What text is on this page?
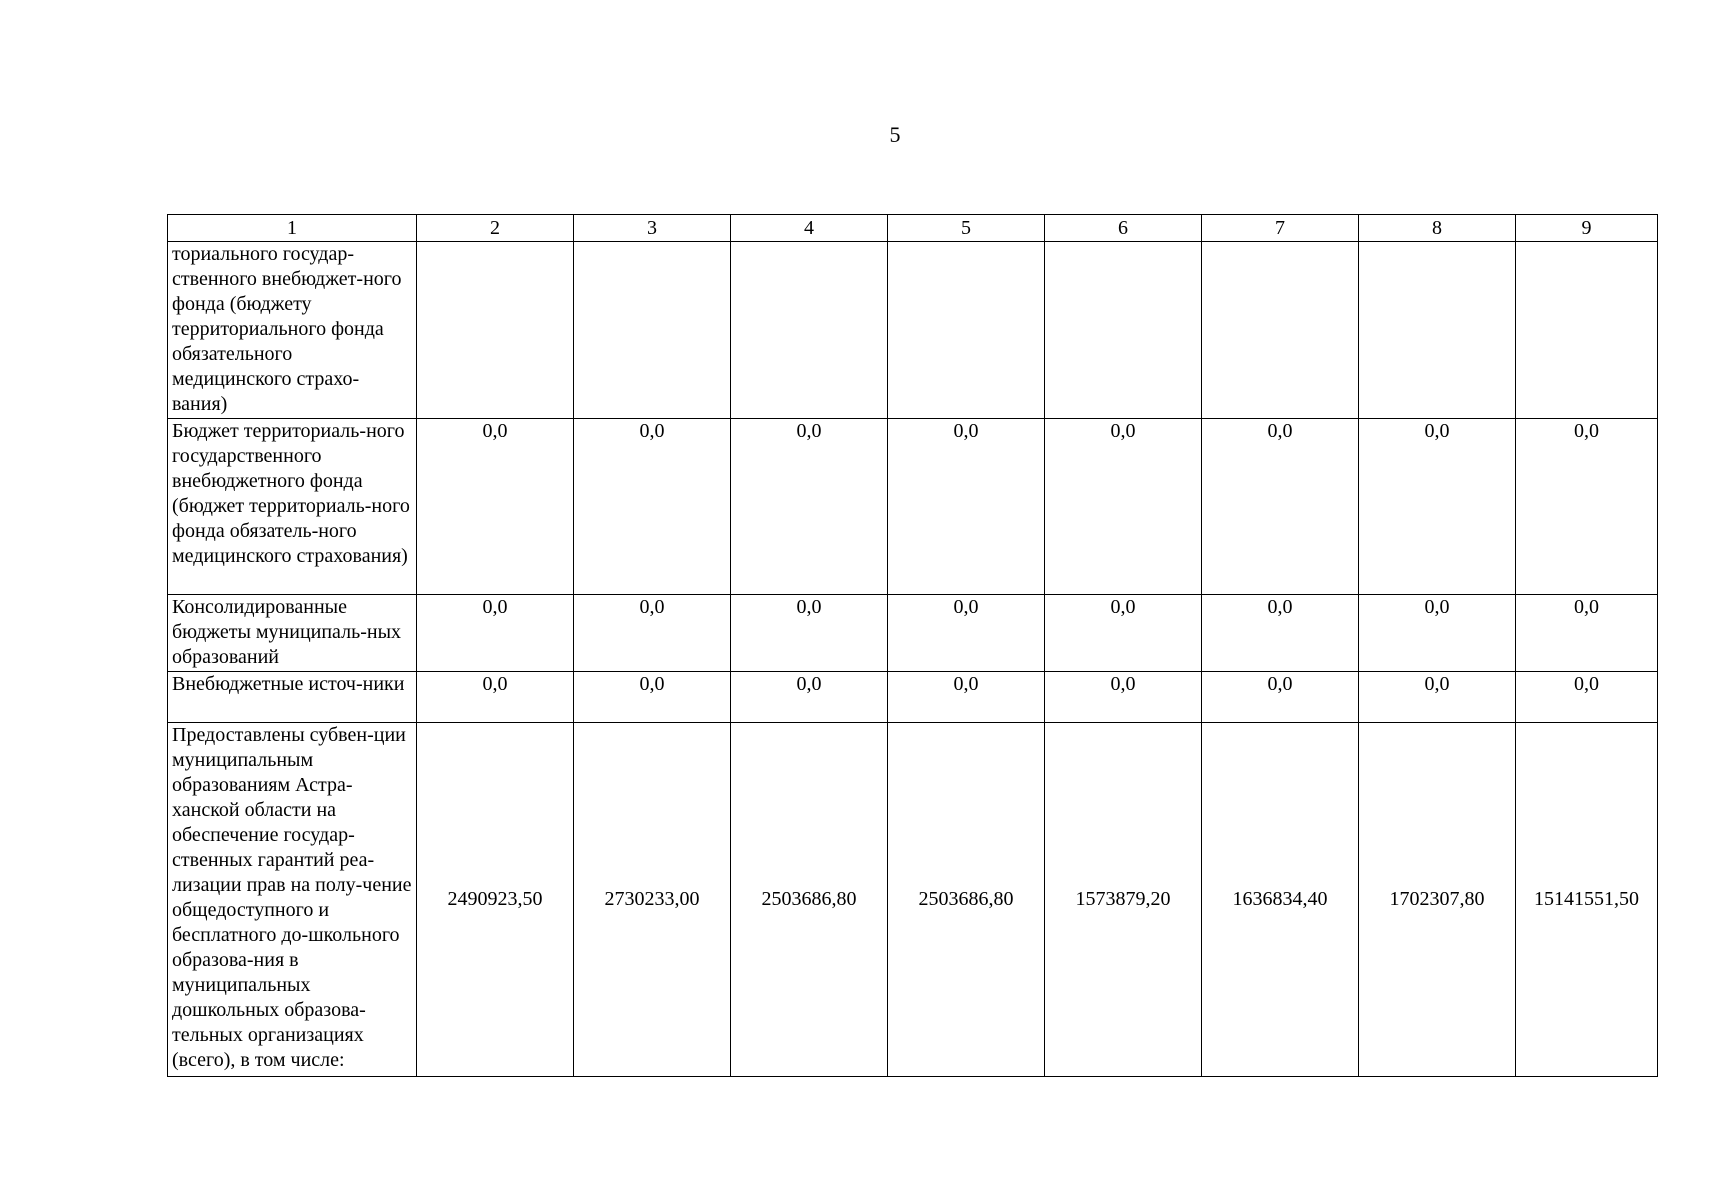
5
1	2	3	4	5	6	7	8	9
ториального государ-ственного внебюджет-ного фонда (бюджету территориального фонда обязательного медицинского страхо-вания)								
Бюджет территориаль-ного государственного внебюджетного фонда (бюджет территориаль-ного фонда обязатель-ного медицинского страхования)	0,0	0,0	0,0	0,0	0,0	0,0	0,0	0,0
Консолидированные бюджеты муниципаль-ных образований	0,0	0,0	0,0	0,0	0,0	0,0	0,0	0,0
Внебюджетные источ-ники	0,0	0,0	0,0	0,0	0,0	0,0	0,0	0,0
Предоставлены субвен-ции муниципальным образованиям Астра-ханской области на обеспечение государ-ственных гарантий реа-лизации прав на полу-чение общедоступного и бесплатного до-школьного образова-ния в муниципальных дошкольных образова-тельных организациях (всего), в том числе:	2490923,50	2730233,00	2503686,80	2503686,80	1573879,20	1636834,40	1702307,80	15141551,50
